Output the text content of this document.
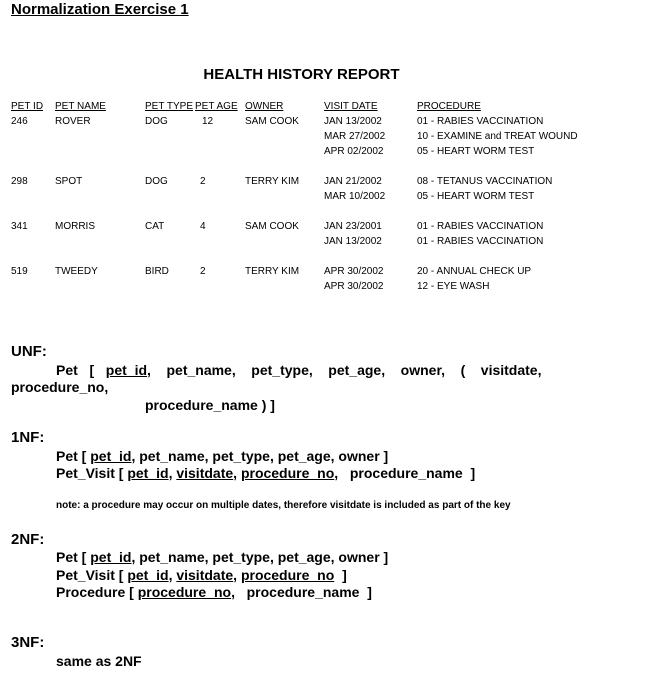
Normalization Exercise 1
HEALTH HISTORY REPORT
PET ID PET NAME	PET TYPE PET AGE OWNER	VISIT DATE	PROCEDURE
246	ROVER	DOG	12	SAM COOK	JAN 13/2002	01 - RABIES VACCINATION
MAR 27/2002	10 - EXAMINE and TREAT WOUND
APR 02/2002	05 - HEART WORM TEST
298	SPOT	DOG	2	TERRY KIM JAN 21/2002	08 - TETANUS VACCINATION
MAR 10/2002	05 - HEART WORM TEST
341	MORRIS	CAT	4	SAM COOK	JAN 23/2001	01 - RABIES VACCINATION
JAN 13/2002	01 - RABIES VACCINATION
519	TWEEDY	BIRD	2	TERRY KIM APR 30/2002	20 - ANNUAL CHECK UP
APR 30/2002	12 - EYE WASH
UNF:
Pet   [   pet_id,    pet_name,    pet_type,    pet_age,    owner,    (    visitdate,
procedure_no,
procedure_name ) ]
1NF:
Pet [ pet_id, pet_name, pet_type, pet_age, owner ]
Pet_Visit [ pet_id, visitdate, procedure_no,   procedure_name  ]
note: a procedure may occur on multiple dates, therefore visitdate is included as part of the key
2NF:
Pet [ pet_id, pet_name, pet_type, pet_age, owner ]
Pet_Visit [ pet_id, visitdate, procedure_no  ]
Procedure [ procedure_no,   procedure_name  ]
3NF:
same as 2NF
